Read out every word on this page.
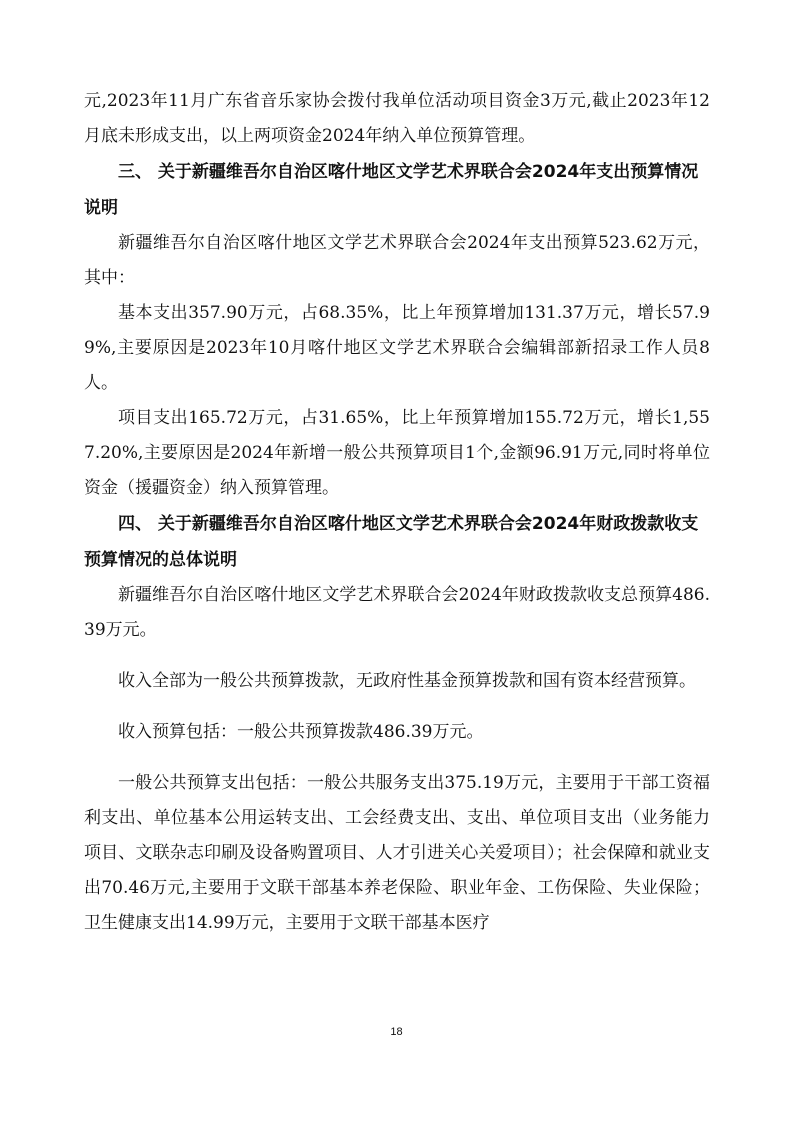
元,2023年11月广东省音乐家协会拨付我单位活动项目资金3万元,截止2023年12月底未形成支出，以上两项资金2024年纳入单位预算管理。

三、 关于新疆维吾尔自治区喀什地区文学艺术界联合会2024年支出预算情况说明

新疆维吾尔自治区喀什地区文学艺术界联合会2024年支出预算523.62万元，其中：

基本支出357.90万元，占68.35%，比上年预算增加131.37万元，增长57.99%,主要原因是2023年10月喀什地区文学艺术界联合会编辑部新招录工作人员8人。

项目支出165.72万元，占31.65%，比上年预算增加155.72万元，增长1,557.20%,主要原因是2024年新增一般公共预算项目1个,金额96.91万元,同时将单位资金（援疆资金）纳入预算管理。

四、 关于新疆维吾尔自治区喀什地区文学艺术界联合会2024年财政拨款收支预算情况的总体说明

新疆维吾尔自治区喀什地区文学艺术界联合会2024年财政拨款收支总预算486.39万元。

收入全部为一般公共预算拨款，无政府性基金预算拨款和国有资本经营预算。

收入预算包括：一般公共预算拨款486.39万元。

一般公共预算支出包括：一般公共服务支出375.19万元，主要用于干部工资福利支出、单位基本公用运转支出、工会经费支出、支出、单位项目支出（业务能力项目、文联杂志印刷及设备购置项目、人才引进关心关爱项目）；社会保障和就业支出70.46万元,主要用于文联干部基本养老保险、职业年金、工伤保险、失业保险；卫生健康支出14.99万元，主要用于文联干部基本医疗

18
